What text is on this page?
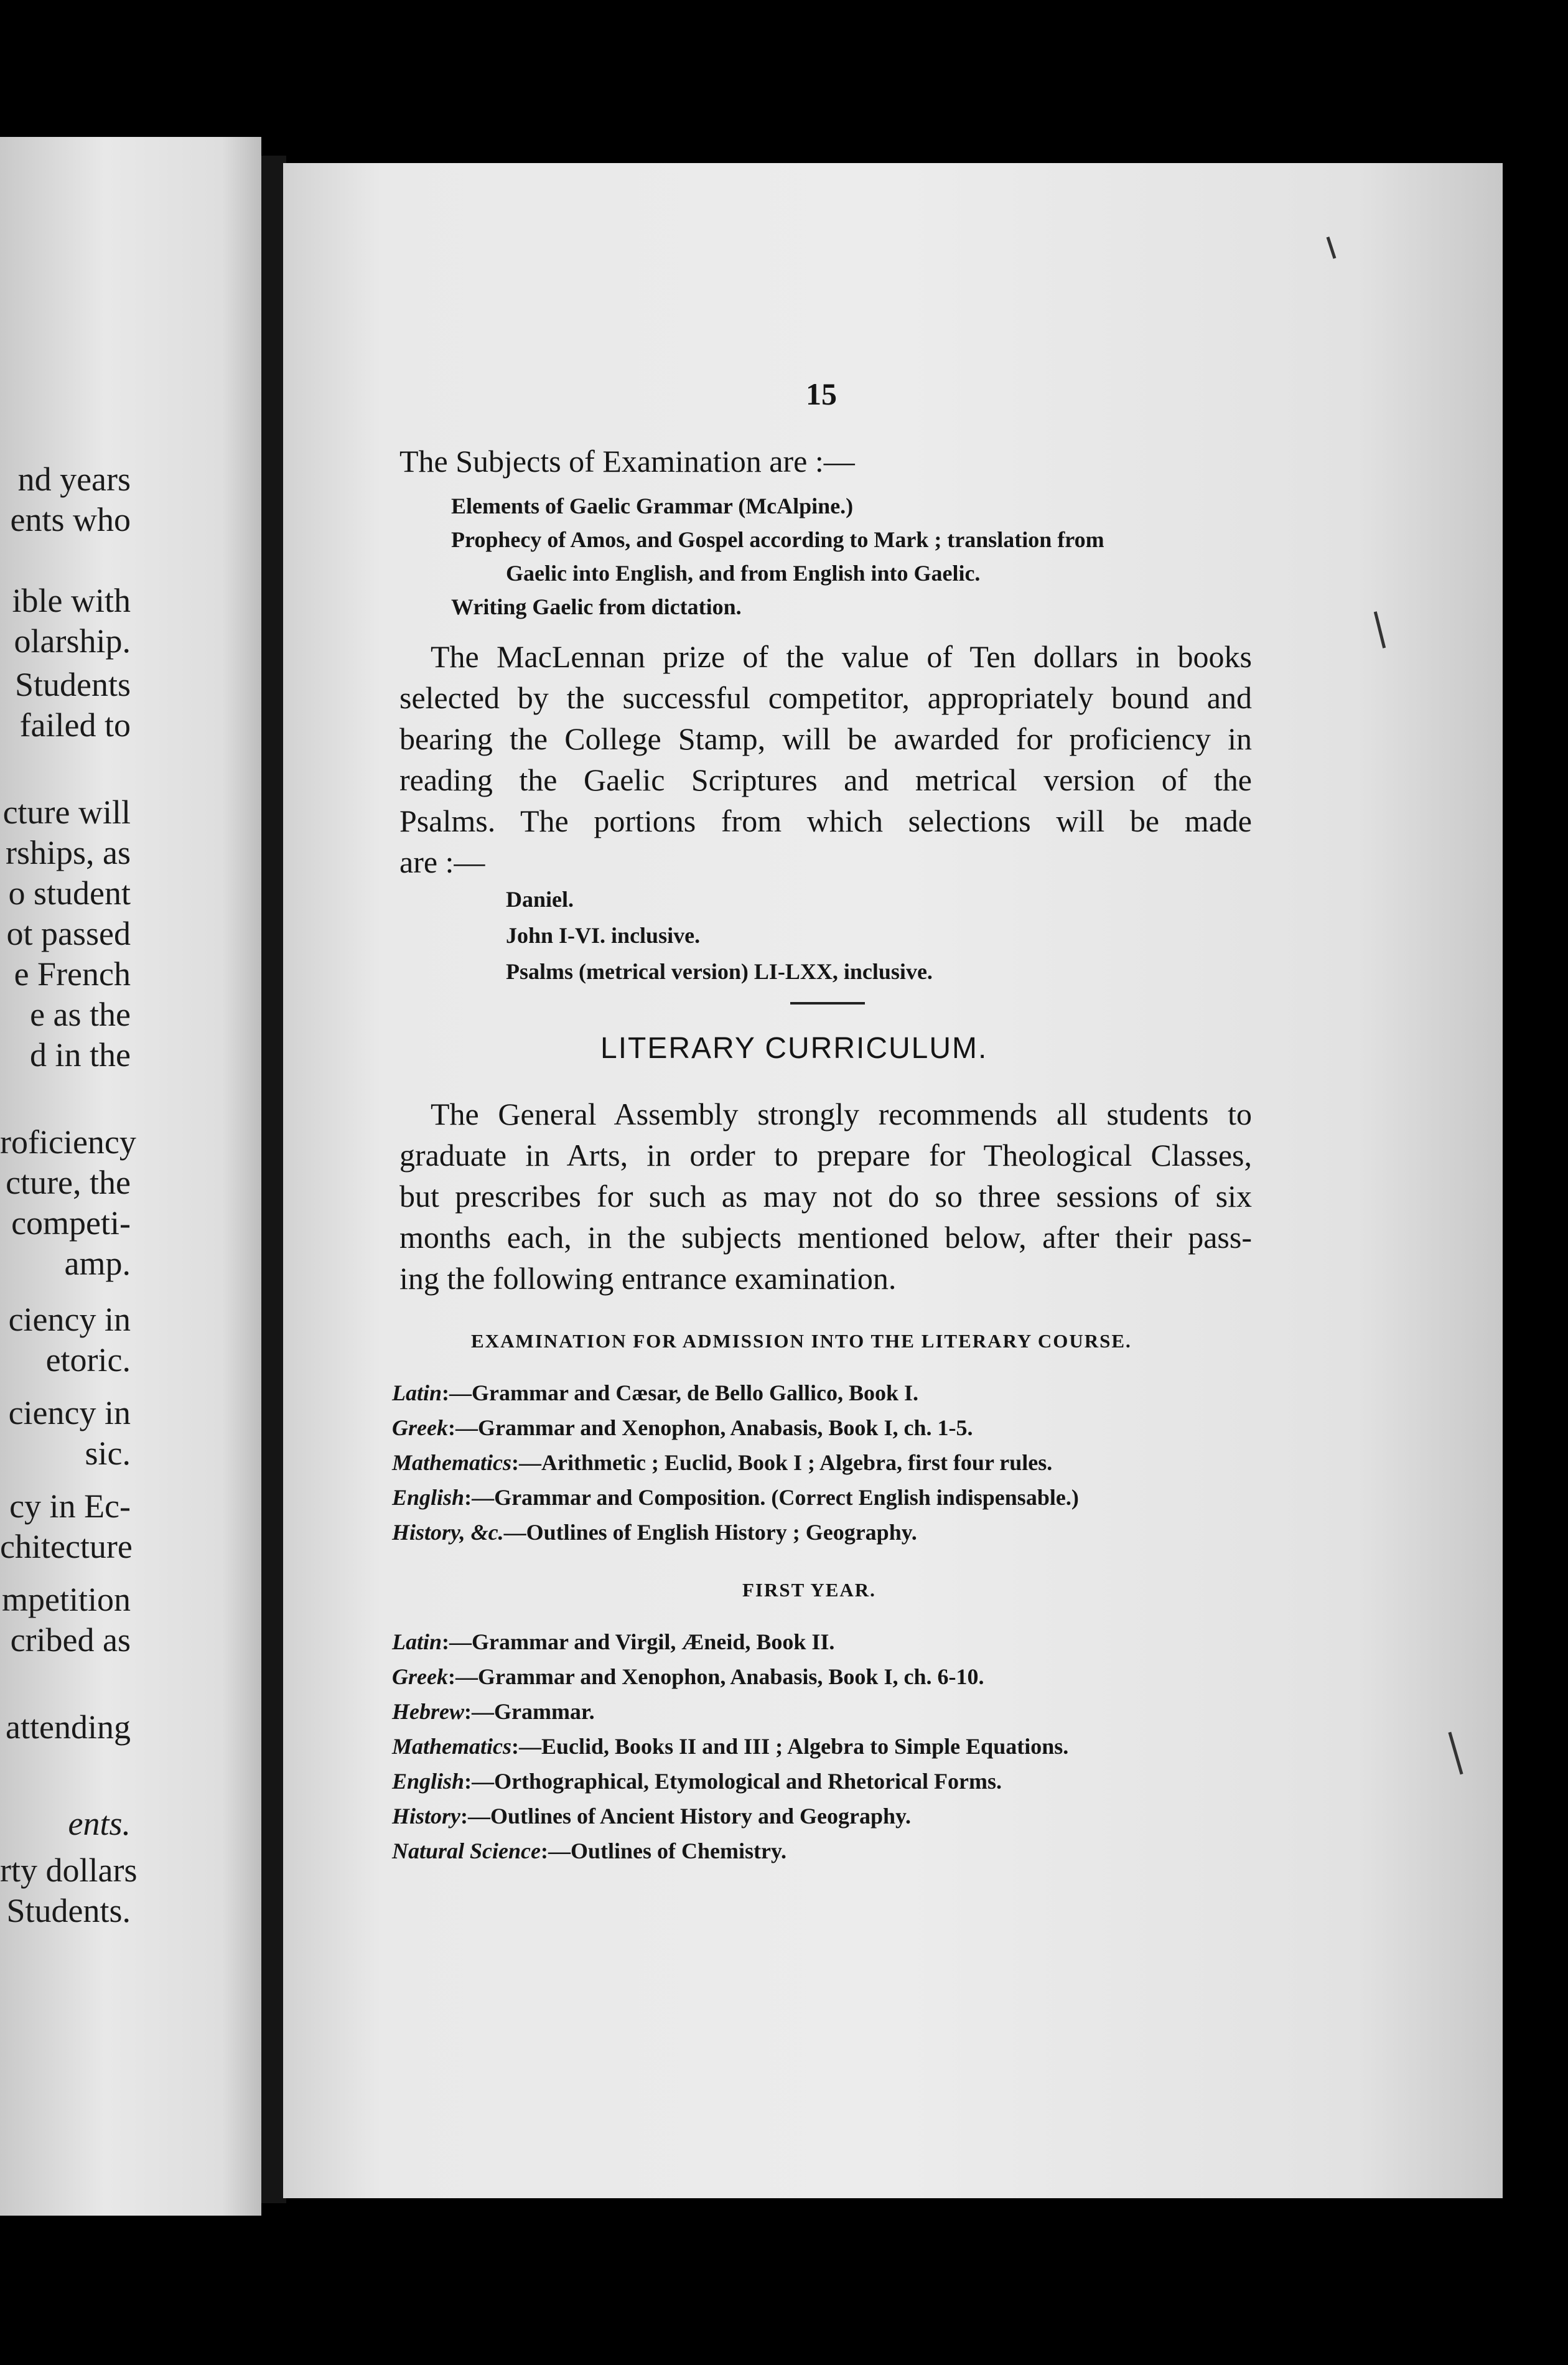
nd years
ents who
ible with
olarship.
Students
failed to
cture will
rships, as
o student
ot passed
e French
e as the
d in the
roficiency
cture, the
competi-
amp.
ciency in
etoric.
ciency in
sic.
cy in Ec-
chitecture
mpetition
cribed as
attending
ents.
rty dollars
Students.
15
The Subjects of Examination are :—
Elements of Gaelic Grammar (McAlpine.)
Prophecy of Amos, and Gospel according to Mark ; translation from
Gaelic into English, and from English into Gaelic.
Writing Gaelic from dictation.
The MacLennan prize of the value of Ten dollars in books
selected by the successful competitor, appropriately bound and
bearing the College Stamp, will be awarded for proficiency in
reading the Gaelic Scriptures and metrical version of the
Psalms. The portions from which selections will be made
are :—
Daniel.
John I-VI. inclusive.
Psalms (metrical version) LI-LXX, inclusive.
LITERARY CURRICULUM.
The General Assembly strongly recommends all students to
graduate in Arts, in order to prepare for Theological Classes,
but prescribes for such as may not do so three sessions of six
months each, in the subjects mentioned below, after their pass-
ing the following entrance examination.
EXAMINATION FOR ADMISSION INTO THE LITERARY COURSE.
Latin:—Grammar and Cæsar, de Bello Gallico, Book I.
Greek:—Grammar and Xenophon, Anabasis, Book I, ch. 1-5.
Mathematics:—Arithmetic ; Euclid, Book I ; Algebra, first four rules.
English:—Grammar and Composition. (Correct English indispensable.)
History, &c.—Outlines of English History ; Geography.
FIRST YEAR.
Latin:—Grammar and Virgil, Æneid, Book II.
Greek:—Grammar and Xenophon, Anabasis, Book I, ch. 6-10.
Hebrew:—Grammar.
Mathematics:—Euclid, Books II and III ; Algebra to Simple Equations.
English:—Orthographical, Etymological and Rhetorical Forms.
History:—Outlines of Ancient History and Geography.
Natural Science:—Outlines of Chemistry.
